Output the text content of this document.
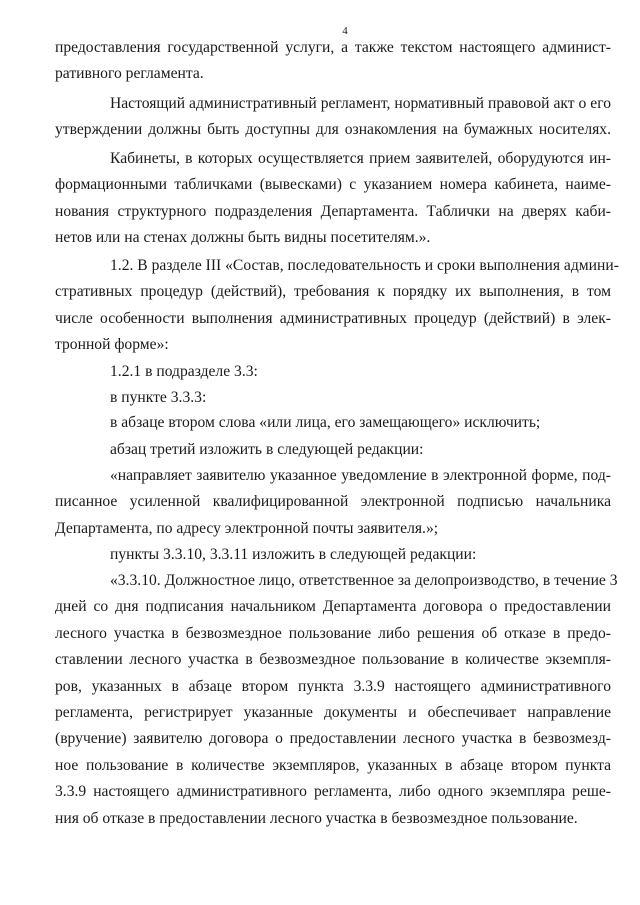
4
предоставления государственной услуги, а также текстом настоящего админист-
ративного регламента.
Настоящий административный регламент, нормативный правовой акт о его
утверждении должны быть доступны для ознакомления на бумажных носителях.
Кабинеты, в которых осуществляется прием заявителей, оборудуются ин-
формационными табличками (вывесками) с указанием номера кабинета, наиме-
нования структурного подразделения Департамента. Таблички на дверях каби-
нетов или на стенах должны быть видны посетителям.».
1.2. В разделе III «Состав, последовательность и сроки выполнения админи-
стративных процедур (действий), требования к порядку их выполнения, в том
числе особенности выполнения административных процедур (действий) в элек-
тронной форме»:
1.2.1 в подразделе 3.3:
в пункте 3.3.3:
в абзаце втором слова «или лица, его замещающего» исключить;
абзац третий изложить в следующей редакции:
«направляет заявителю указанное уведомление в электронной форме, под-
писанное усиленной квалифицированной электронной подписью начальника
Департамента, по адресу электронной почты заявителя.»;
пункты 3.3.10, 3.3.11 изложить в следующей редакции:
«3.3.10. Должностное лицо, ответственное за делопроизводство, в течение 3
дней со дня подписания начальником Департамента договора о предоставлении
лесного участка в безвозмездное пользование либо решения об отказе в предо-
ставлении лесного участка в безвозмездное пользование в количестве экземпля-
ров, указанных в абзаце втором пункта 3.3.9 настоящего административного
регламента, регистрирует указанные документы и обеспечивает направление
(вручение) заявителю договора о предоставлении лесного участка в безвозмезд-
ное пользование в количестве экземпляров, указанных в абзаце втором пункта
3.3.9 настоящего административного регламента, либо одного экземпляра реше-
ния об отказе в предоставлении лесного участка в безвозмездное пользование.
